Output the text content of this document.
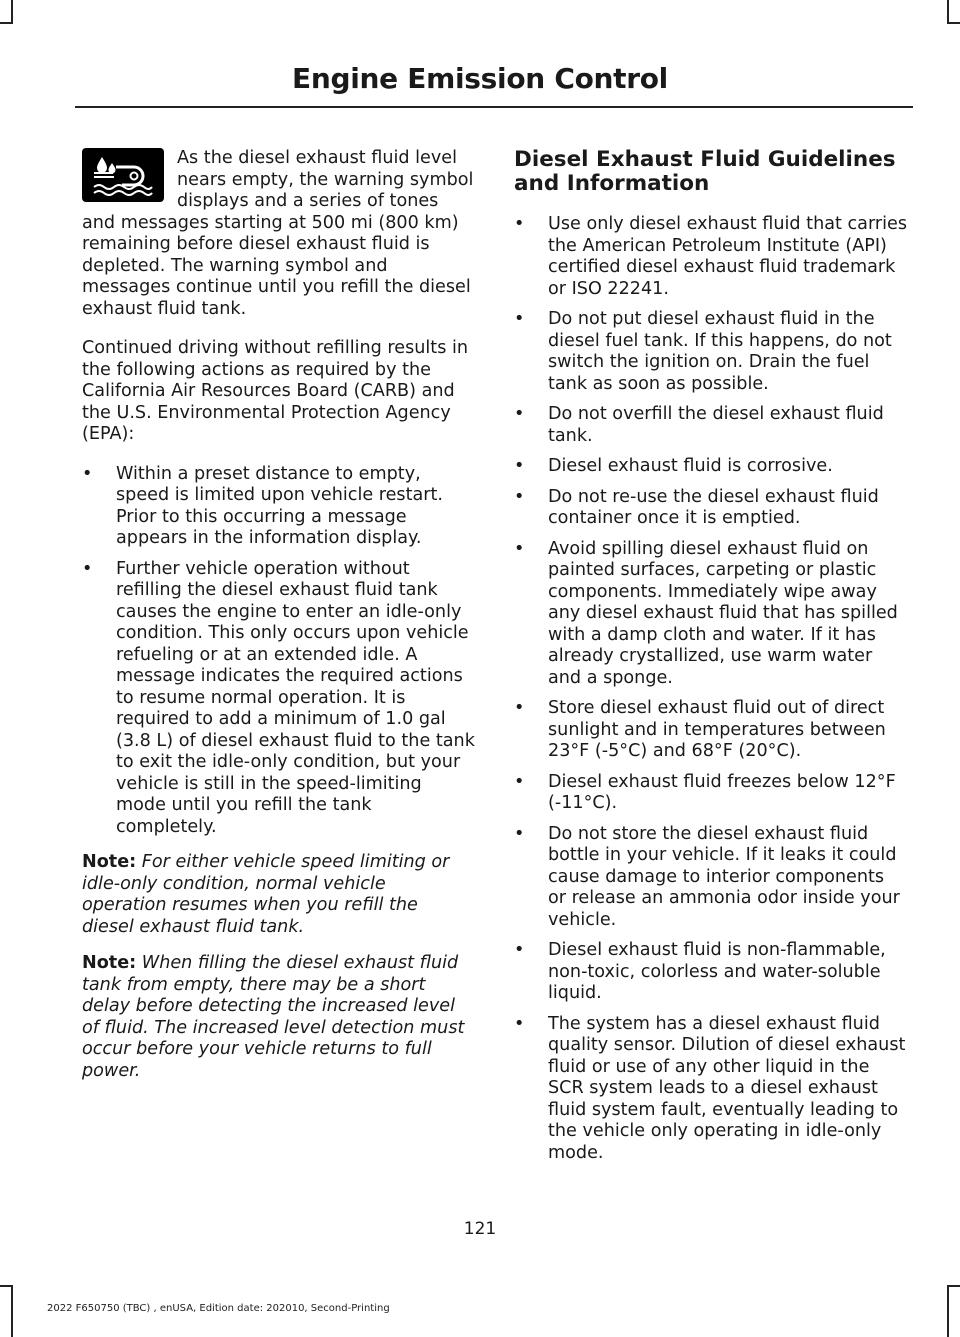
Engine Emission Control

As the diesel exhaust fluid level nears empty, the warning symbol displays and a series of tones and messages starting at 500 mi (800 km) remaining before diesel exhaust fluid is depleted. The warning symbol and messages continue until you refill the diesel exhaust fluid tank.

Continued driving without refilling results in the following actions as required by the California Air Resources Board (CARB) and the U.S. Environmental Protection Agency (EPA):

• Within a preset distance to empty, speed is limited upon vehicle restart. Prior to this occurring a message appears in the information display.
• Further vehicle operation without refilling the diesel exhaust fluid tank causes the engine to enter an idle-only condition. This only occurs upon vehicle refueling or at an extended idle. A message indicates the required actions to resume normal operation. It is required to add a minimum of 1.0 gal (3.8 L) of diesel exhaust fluid to the tank to exit the idle-only condition, but your vehicle is still in the speed-limiting mode until you refill the tank completely.

Note: For either vehicle speed limiting or idle-only condition, normal vehicle operation resumes when you refill the diesel exhaust fluid tank.

Note: When filling the diesel exhaust fluid tank from empty, there may be a short delay before detecting the increased level of fluid. The increased level detection must occur before your vehicle returns to full power.

Diesel Exhaust Fluid Guidelines and Information
• Use only diesel exhaust fluid that carries the American Petroleum Institute (API) certified diesel exhaust fluid trademark or ISO 22241.
• Do not put diesel exhaust fluid in the diesel fuel tank. If this happens, do not switch the ignition on. Drain the fuel tank as soon as possible.
• Do not overfill the diesel exhaust fluid tank.
• Diesel exhaust fluid is corrosive.
• Do not re-use the diesel exhaust fluid container once it is emptied.
• Avoid spilling diesel exhaust fluid on painted surfaces, carpeting or plastic components. Immediately wipe away any diesel exhaust fluid that has spilled with a damp cloth and water. If it has already crystallized, use warm water and a sponge.
• Store diesel exhaust fluid out of direct sunlight and in temperatures between 23°F (-5°C) and 68°F (20°C).
• Diesel exhaust fluid freezes below 12°F (-11°C).
• Do not store the diesel exhaust fluid bottle in your vehicle. If it leaks it could cause damage to interior components or release an ammonia odor inside your vehicle.
• Diesel exhaust fluid is non-flammable, non-toxic, colorless and water-soluble liquid.
• The system has a diesel exhaust fluid quality sensor. Dilution of diesel exhaust fluid or use of any other liquid in the SCR system leads to a diesel exhaust fluid system fault, eventually leading to the vehicle only operating in idle-only mode.
121
2022 F650750 (TBC) , enUSA, Edition date: 202010, Second-Printing
